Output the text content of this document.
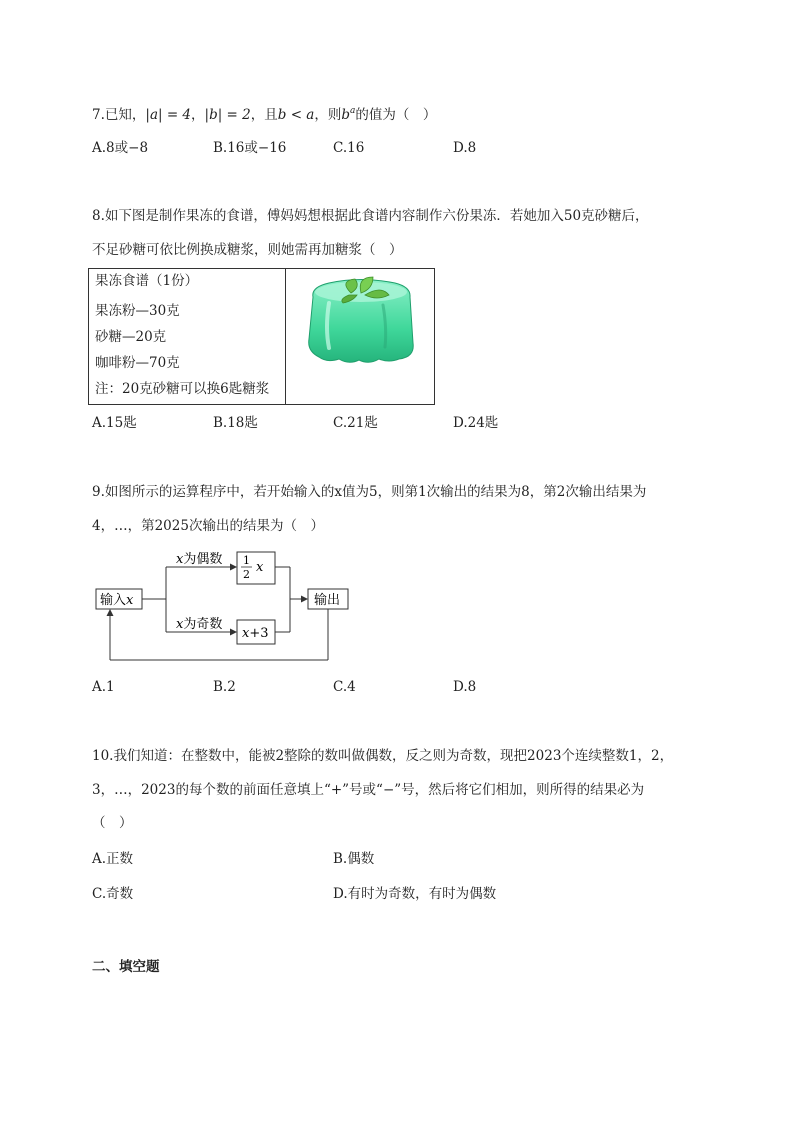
7.已知，|a| = 4，|b| = 2，且b < a，则$b^a$的值为（　）
A.8或−8	B.16或−16	C.16	D.8
8.如下图是制作果冻的食谱，傅妈妈想根据此食谱内容制作六份果冻．若她加入50克砂糖后，
不足砂糖可依比例换成糖浆，则她需再加糖浆（　）
果冻食谱（1份）
果冻粉—30克
砂糖—20克
咖啡粉—70克
注：20克砂糖可以换6匙糖浆
A.15匙	B.18匙	C.21匙	D.24匙
9.如图所示的运算程序中，若开始输入的x值为5，则第1次输出的结果为8，第2次输出结果为
4，…，第2025次输出的结果为（　）
输入x
x为偶数
x为奇数
1
2 x
x+3
输出
A.1	B.2	C.4	D.8
10.我们知道：在整数中，能被2整除的数叫做偶数，反之则为奇数，现把2023个连续整数1，2，
3，…，2023的每个数的前面任意填上“+”号或“−”号，然后将它们相加，则所得的结果必为
（　）
A.正数	B.偶数
C.奇数	D.有时为奇数，有时为偶数
二、填空题
